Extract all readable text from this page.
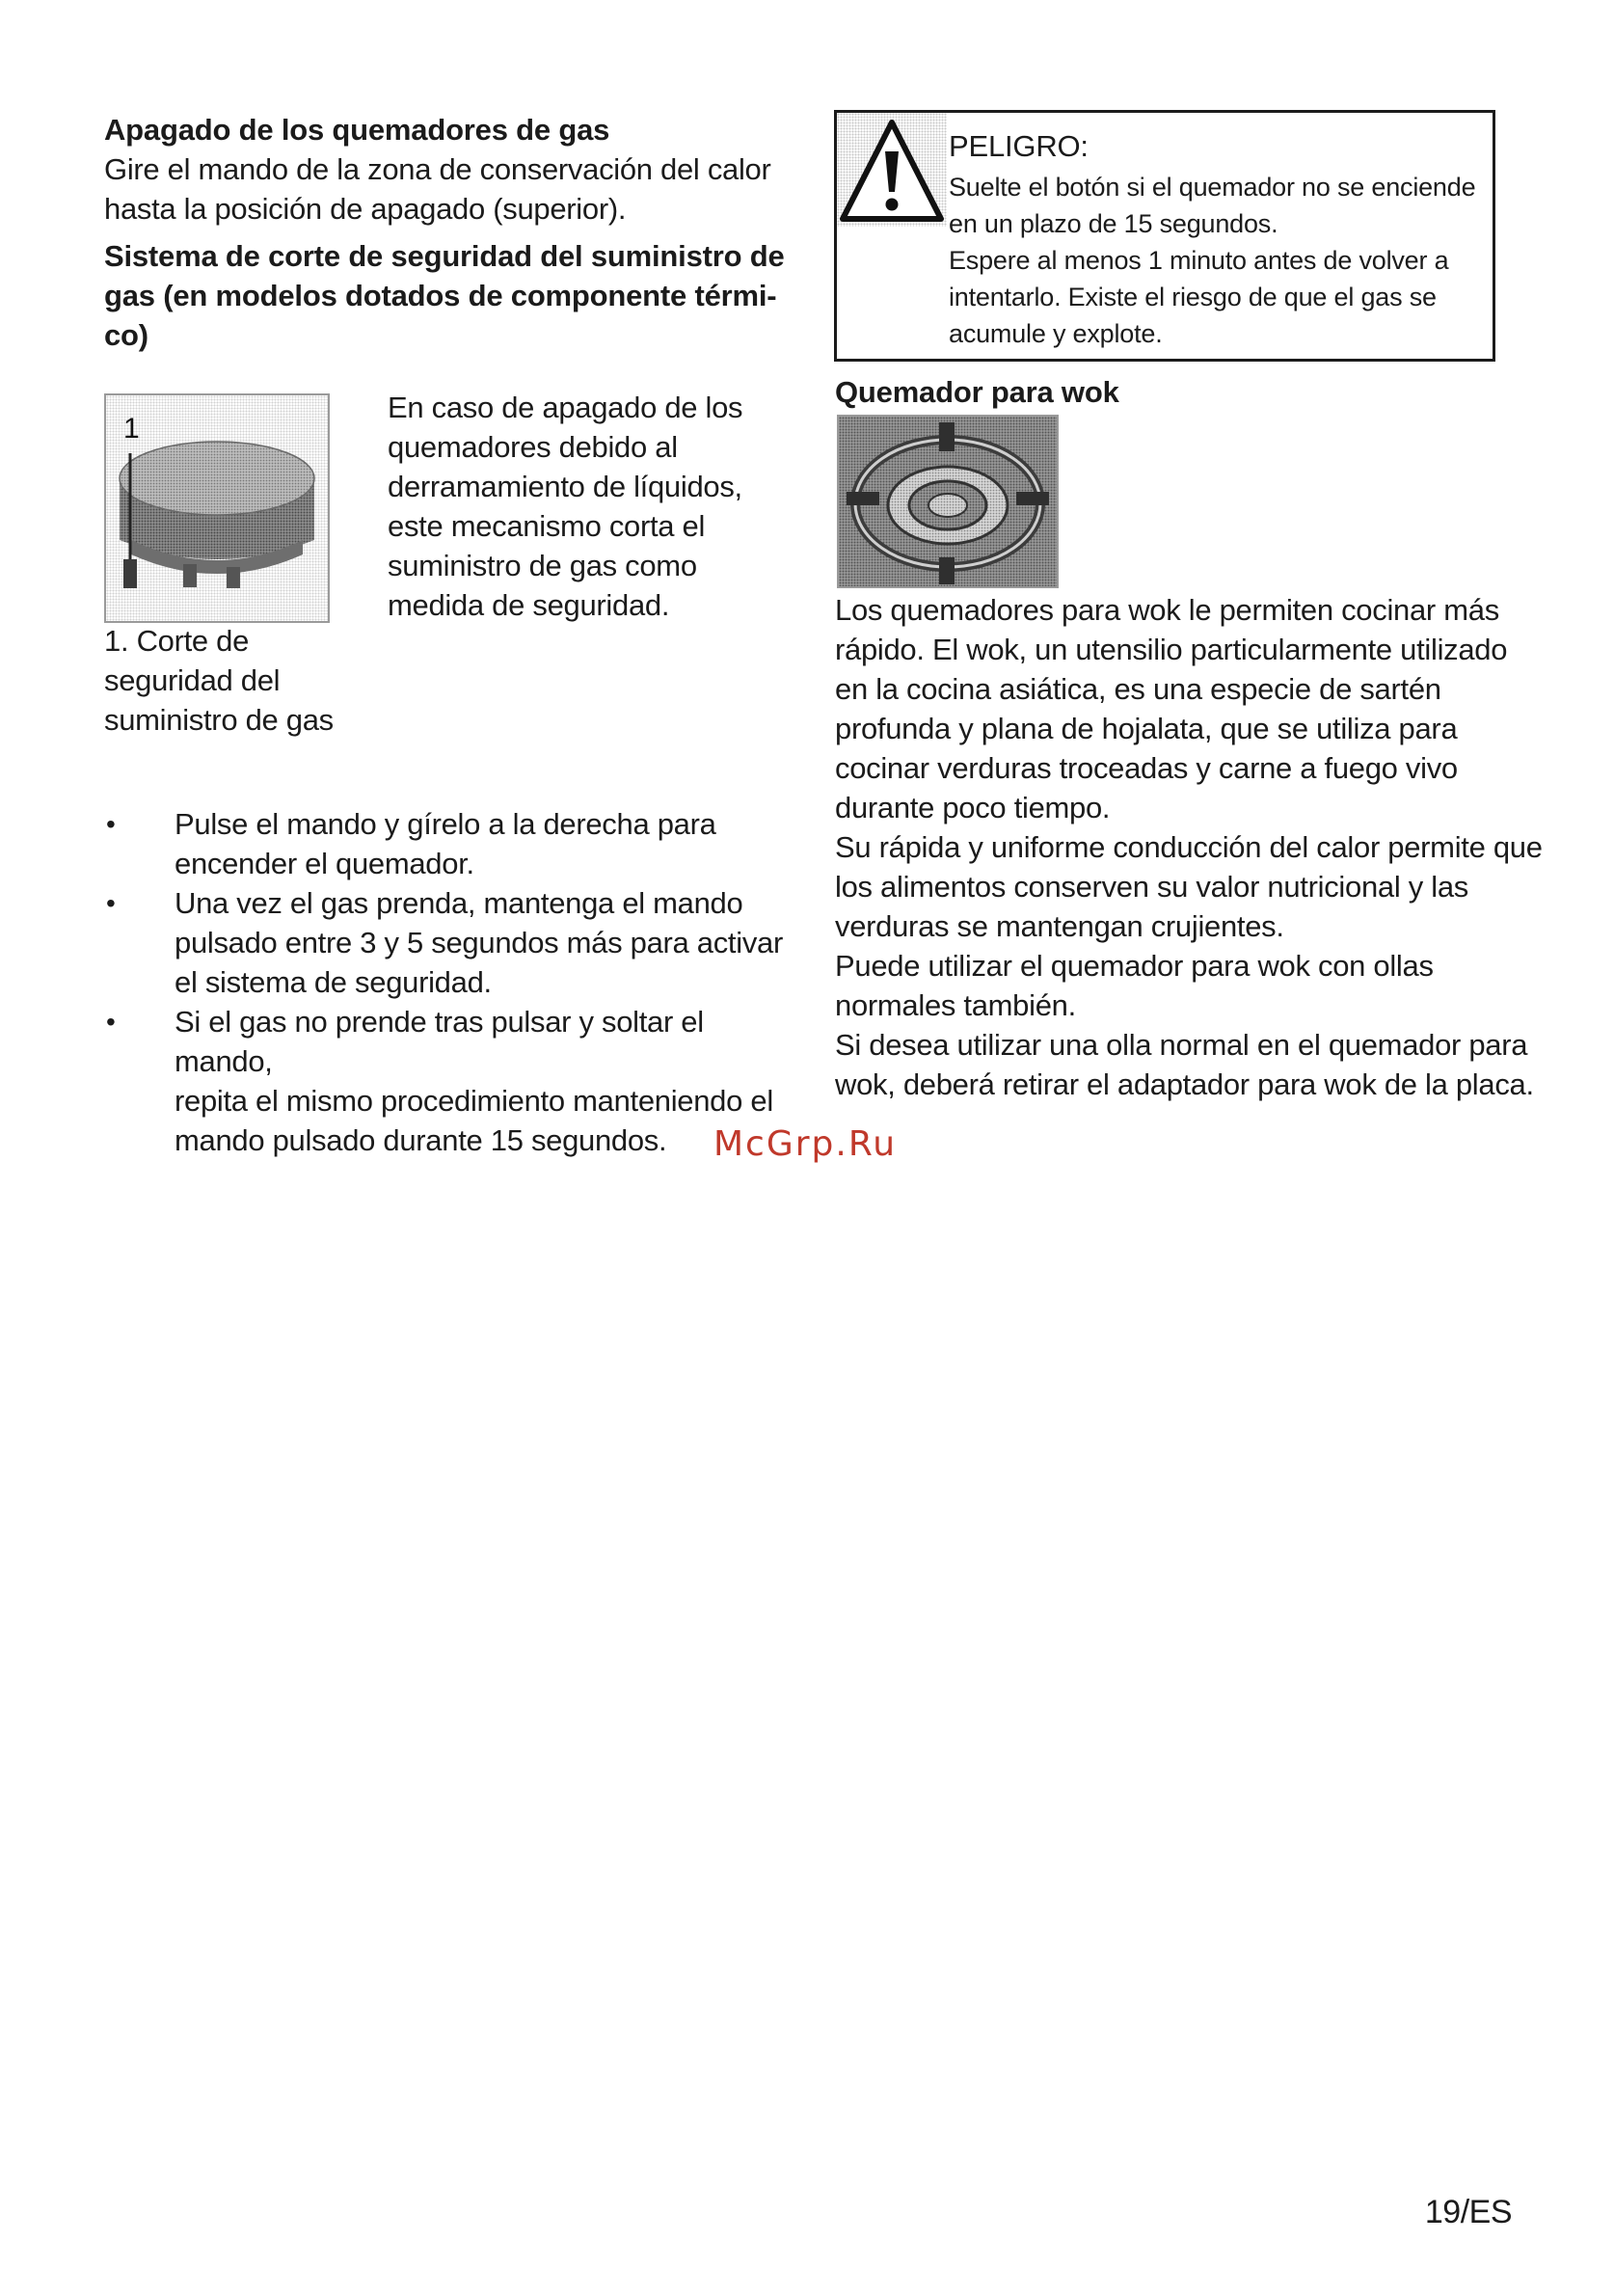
Apagado de los quemadores de gas

Gire el mando de la zona de conservación del calor

hasta la posición de apagado (superior).

Sistema de corte de seguridad del suministro de
gas (en modelos dotados de componente térmi-
co)
1
1. Corte de
seguridad del
suministro de gas
En caso de apagado de los
quemadores debido al
derramamiento de líquidos,
este mecanismo corta el
suministro de gas como
medida de seguridad.
• Pulse el mando y gírelo a la derecha para
encender el quemador.
• Una vez el gas prenda, mantenga el mando
pulsado entre 3 y 5 segundos más para activar
el sistema de seguridad.
• Si el gas no prende tras pulsar y soltar el mando,
repita el mismo procedimiento manteniendo el
mando pulsado durante 15 segundos.
PELIGRO:
Suelte el botón si el quemador no se enciende
en un plazo de 15 segundos.
Espere al menos 1 minuto antes de volver a
intentarlo. Existe el riesgo de que el gas se
acumule y explote.
Quemador para wok

Los quemadores para wok le permiten cocinar más

rápido. El wok, un utensilio particularmente utilizado

en la cocina asiática, es una especie de sartén

profunda y plana de hojalata, que se utiliza para

cocinar verduras troceadas y carne a fuego vivo

durante poco tiempo.

Su rápida y uniforme conducción del calor permite que

los alimentos conserven su valor nutricional y las

verduras se mantengan crujientes.

Puede utilizar el quemador para wok con ollas

normales también.

Si desea utilizar una olla normal en el quemador para

wok, deberá retirar el adaptador para wok de la placa.

McGrp.Ru
19/ES
